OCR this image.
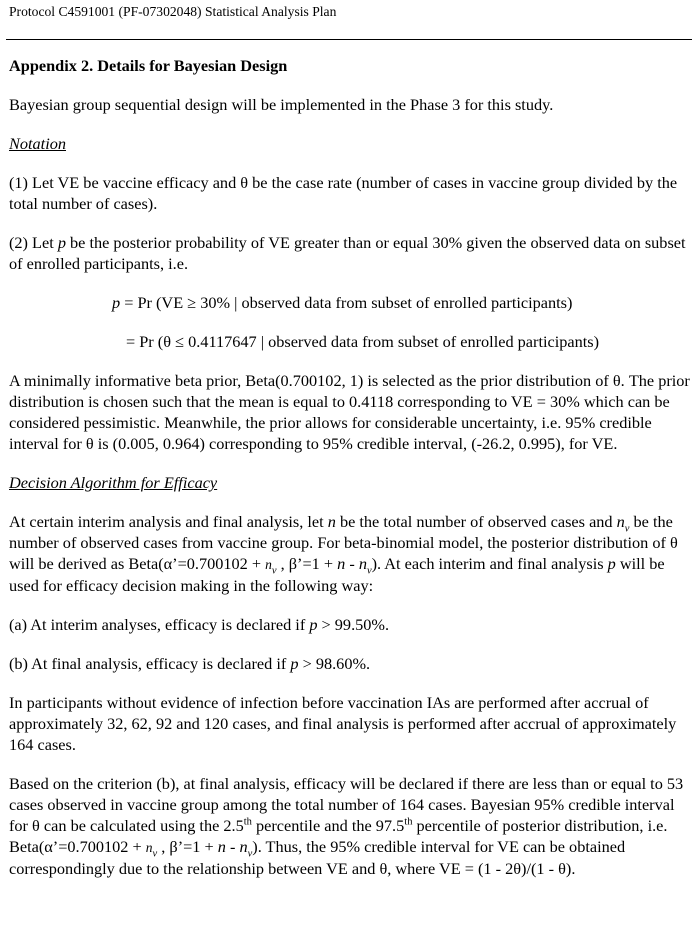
Protocol C4591001 (PF-07302048) Statistical Analysis Plan
Appendix 2. Details for Bayesian Design

Bayesian group sequential design will be implemented in the Phase 3 for this study.

Notation

(1) Let VE be vaccine efficacy and θ be the case rate (number of cases in vaccine group divided by the total number of cases).

(2) Let p be the posterior probability of VE greater than or equal 30% given the observed data on subset of enrolled participants, i.e.

p = Pr (VE ≥ 30% | observed data from subset of enrolled participants)

= Pr (θ ≤ 0.4117647 | observed data from subset of enrolled participants)

A minimally informative beta prior, Beta(0.700102, 1) is selected as the prior distribution of θ. The prior distribution is chosen such that the mean is equal to 0.4118 corresponding to VE = 30% which can be considered pessimistic. Meanwhile, the prior allows for considerable uncertainty, i.e. 95% credible interval for θ is (0.005, 0.964) corresponding to 95% credible interval, (-26.2, 0.995), for VE.

Decision Algorithm for Efficacy

At certain interim analysis and final analysis, let n be the total number of observed cases and $n_v$ be the number of observed cases from vaccine group. For beta-binomial model, the posterior distribution of θ will be derived as Beta(α’=0.700102 + $n_v$ , β’=1 + n - $n_v$). At each interim and final analysis p will be used for efficacy decision making in the following way:

(a) At interim analyses, efficacy is declared if p > 99.50%.

(b) At final analysis, efficacy is declared if p > 98.60%.

In participants without evidence of infection before vaccination IAs are performed after accrual of approximately 32, 62, 92 and 120 cases, and final analysis is performed after accrual of approximately 164 cases.

Based on the criterion (b), at final analysis, efficacy will be declared if there are less than or equal to 53 cases observed in vaccine group among the total number of 164 cases. Bayesian 95% credible interval for θ can be calculated using the 2.5th percentile and the 97.5th percentile of posterior distribution, i.e. Beta(α’=0.700102 + $n_v$ , β’=1 + n - $n_v$). Thus, the 95% credible interval for VE can be obtained correspondingly due to the relationship between VE and θ, where VE = (1 - 2θ)/(1 - θ).
